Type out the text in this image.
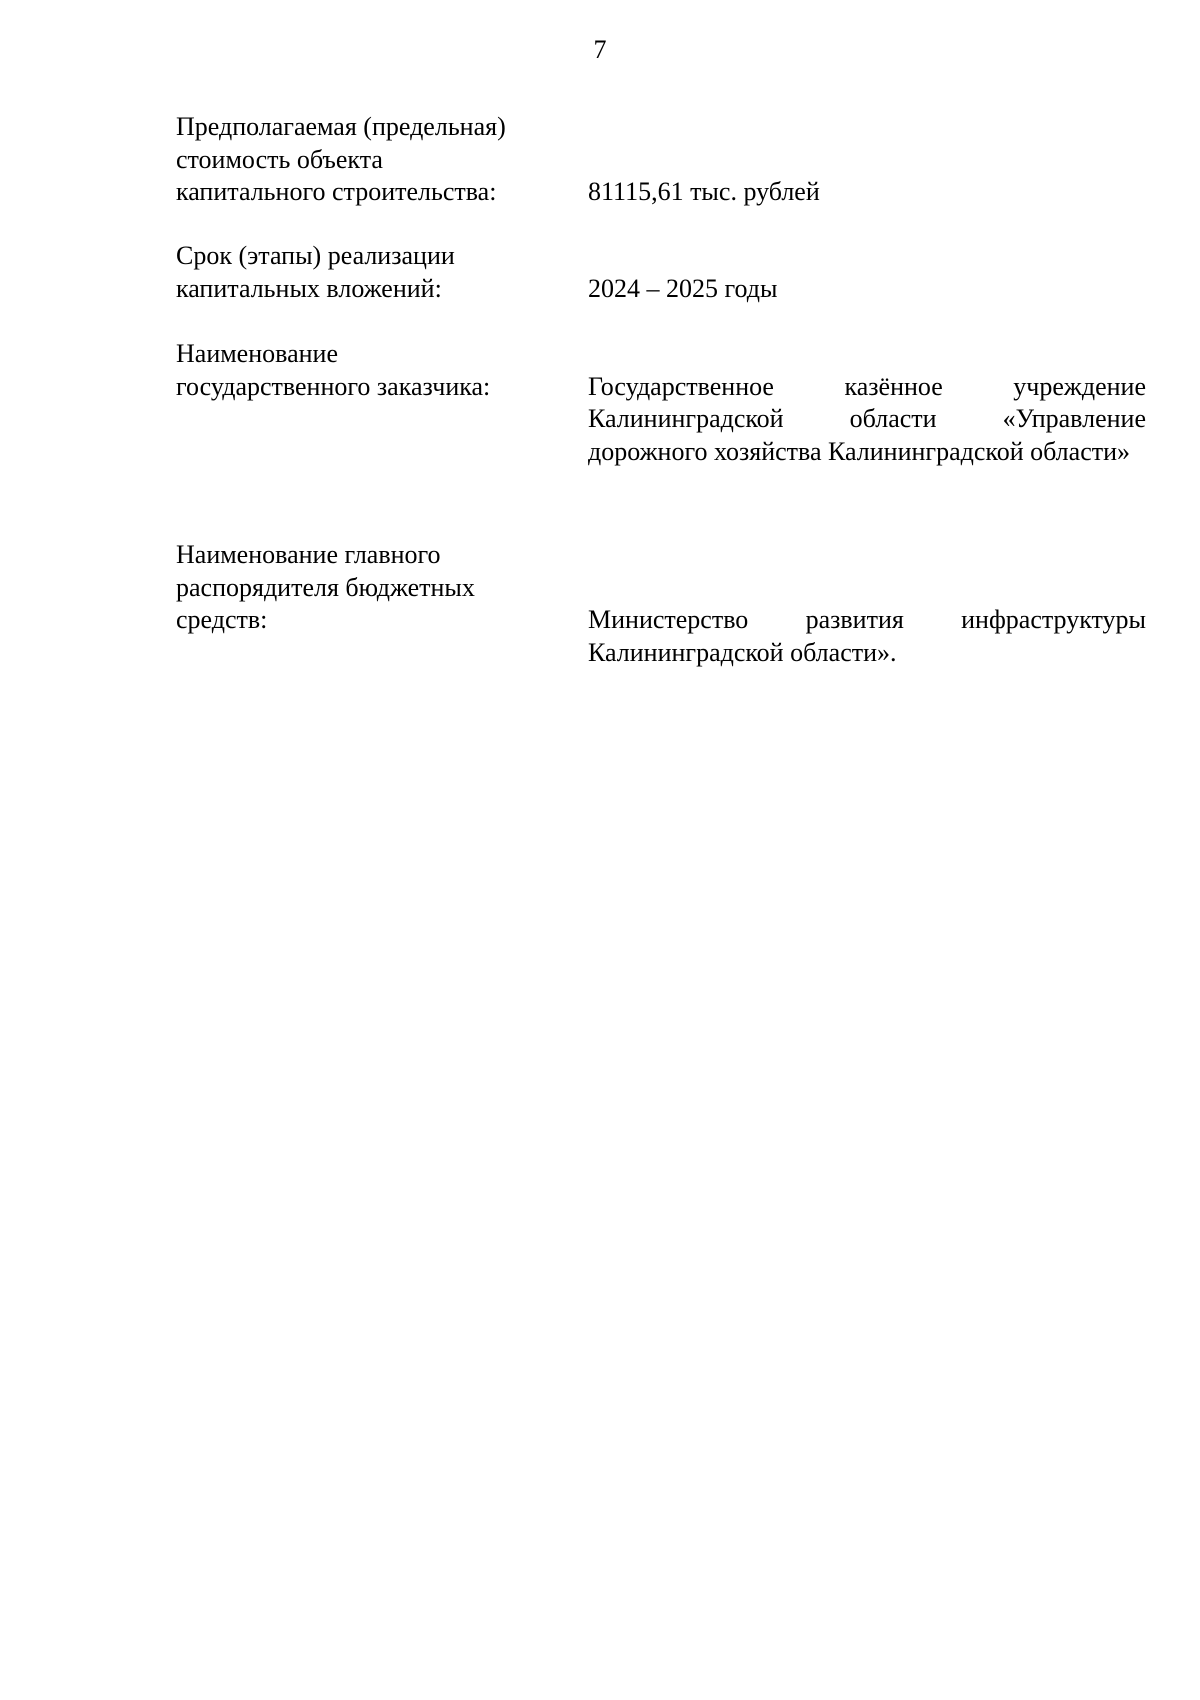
7
Предполагаемая (предельная)
стоимость объекта
капитального строительства:	81115,61 тыс. рублей
Срок (этапы) реализации
капитальных вложений:	2024 – 2025 годы
Наименование
государственного заказчика:	Государственное казённое учреждение Калининградской области «Управление дорожного хозяйства Калининградской области»
Наименование главного
распорядителя бюджетных
средств:	Министерство развития инфраструктуры Калининградской области».
